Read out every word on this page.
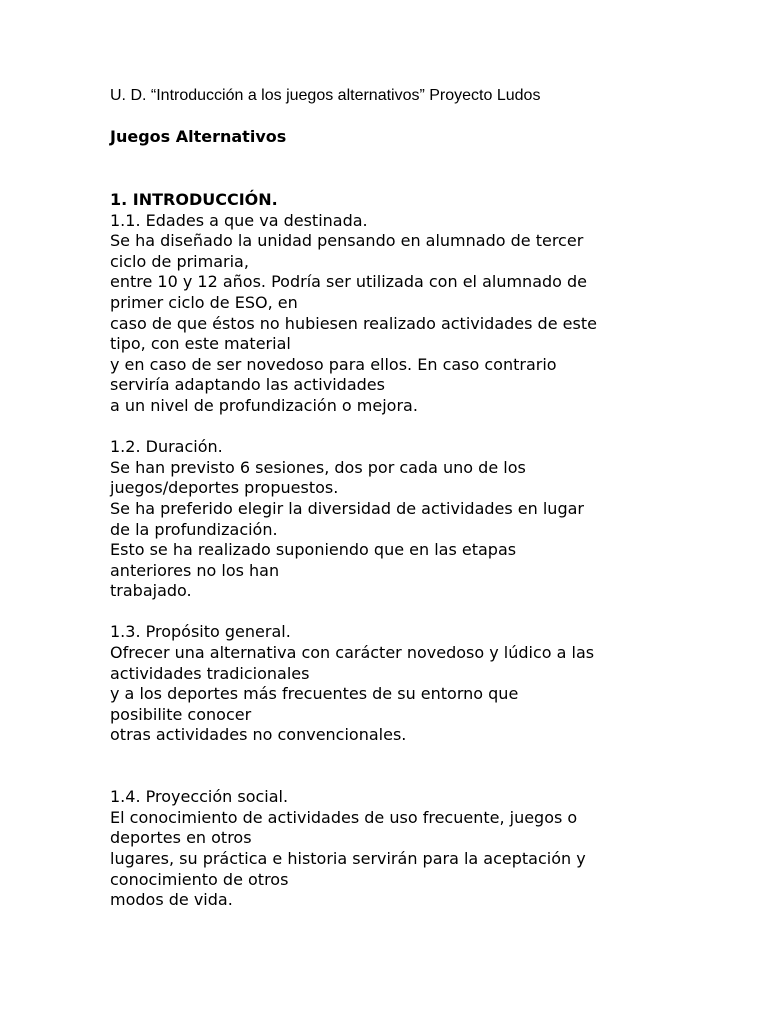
U. D. “Introducción a los juegos alternativos” Proyecto Ludos
Juegos Alternativos
1. INTRODUCCIÓN.
1.1. Edades a que va destinada.
Se ha diseñado la unidad pensando en alumnado de tercer
ciclo de primaria,
entre 10 y 12 años. Podría ser utilizada con el alumnado de
primer ciclo de ESO, en
caso de que éstos no hubiesen realizado actividades de este
tipo, con este material
y en caso de ser novedoso para ellos. En caso contrario
serviría adaptando las actividades
a un nivel de profundización o mejora.
1.2. Duración.
Se han previsto 6 sesiones, dos por cada uno de los
juegos/deportes propuestos.
Se ha preferido elegir la diversidad de actividades en lugar
de la profundización.
Esto se ha realizado suponiendo que en las etapas
anteriores no los han
trabajado.
1.3. Propósito general.
Ofrecer una alternativa con carácter novedoso y lúdico a las
actividades tradicionales
y a los deportes más frecuentes de su entorno que
posibilite conocer
otras actividades no convencionales.
1.4. Proyección social.
El conocimiento de actividades de uso frecuente, juegos o
deportes en otros
lugares, su práctica e historia servirán para la aceptación y
conocimiento de otros
modos de vida.
